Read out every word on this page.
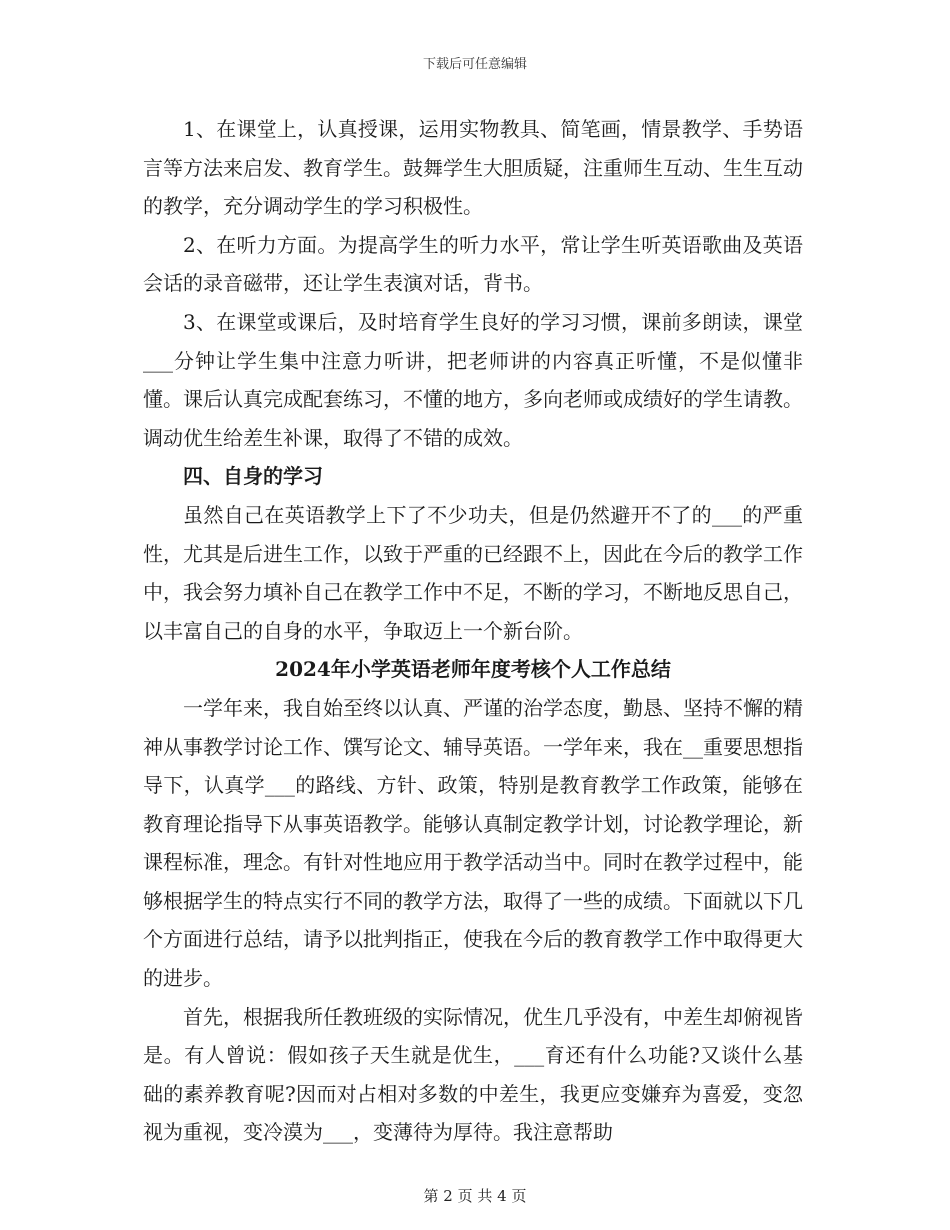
下载后可任意编辑

1、在课堂上，认真授课，运用实物教具、简笔画，情景教学、手势语言等方法来启发、教育学生。鼓舞学生大胆质疑，注重师生互动、生生互动的教学，充分调动学生的学习积极性。

2、在听力方面。为提高学生的听力水平，常让学生听英语歌曲及英语会话的录音磁带，还让学生表演对话，背书。

3、在课堂或课后，及时培育学生良好的学习习惯，课前多朗读，课堂___分钟让学生集中注意力听讲，把老师讲的内容真正听懂，不是似懂非懂。课后认真完成配套练习，不懂的地方，多向老师或成绩好的学生请教。调动优生给差生补课，取得了不错的成效。

四、自身的学习

虽然自己在英语教学上下了不少功夫，但是仍然避开不了的___的严重性，尤其是后进生工作，以致于严重的已经跟不上，因此在今后的教学工作中，我会努力填补自己在教学工作中不足，不断的学习，不断地反思自己，以丰富自己的自身的水平，争取迈上一个新台阶。

2024年小学英语老师年度考核个人工作总结

一学年来，我自始至终以认真、严谨的治学态度，勤恳、坚持不懈的精神从事教学讨论工作、馔写论文、辅导英语。一学年来，我在__重要思想指导下，认真学___的路线、方针、政策，特别是教育教学工作政策，能够在教育理论指导下从事英语教学。能够认真制定教学计划，讨论教学理论，新课程标准，理念。有针对性地应用于教学活动当中。同时在教学过程中，能够根据学生的特点实行不同的教学方法，取得了一些的成绩。下面就以下几个方面进行总结，请予以批判指正，使我在今后的教育教学工作中取得更大的进步。

首先，根据我所任教班级的实际情况，优生几乎没有，中差生却俯视皆是。有人曾说：假如孩子天生就是优生，___育还有什么功能?又谈什么基础的素养教育呢?因而对占相对多数的中差生，我更应变嫌弃为喜爱，变忽视为重视，变冷漠为___，变薄待为厚待。我注意帮助

第 2 页 共 4 页
